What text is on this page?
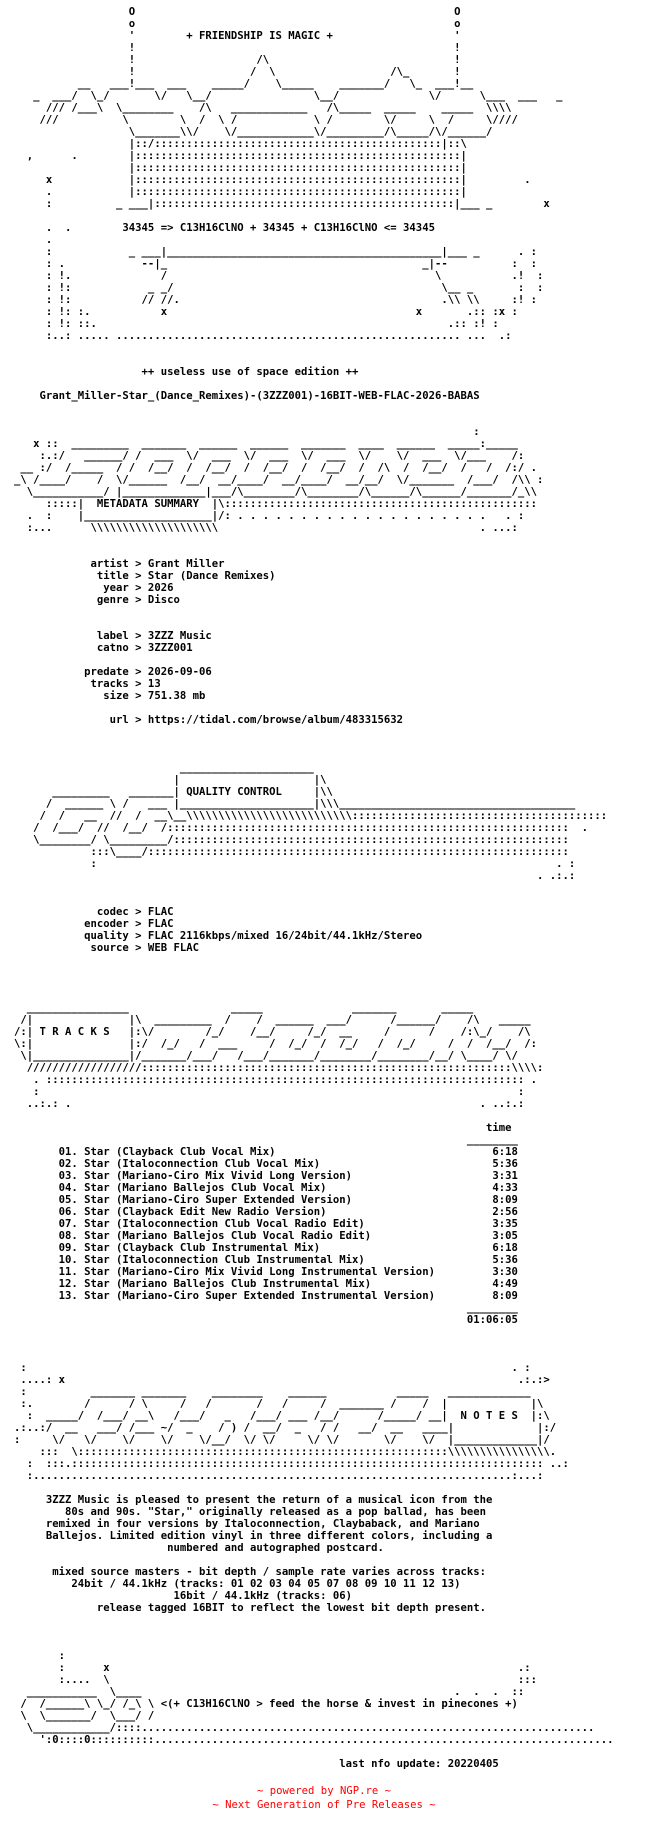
O                                                  O
o                                                  o
'        + FRIENDSHIP IS MAGIC +                   '
!                                                  !
!                   /\                             !
!                  /  \                  /\_       !
__   ___!___  ___    _____/    \_____    _______/   \_  ___!__
_  ___/  \_/       \/   \__/                \__/              \/      \___  ___   _
/// /___\  \________    /\   ____________   /\_____  _____    _____  \\\\
///          \        \  /  \ /            \ /        \/     \  /     \////
\_______\\/    \/____________\/_________/\_____/\/______/
|::/:::::::::::::::::::::::::::::::::::::::::::::|::\
,      .        |:::::::::::::::::::::::::::::::::::::::::::::::::::|
|:::::::::::::::::::::::::::::::::::::::::::::::::::|
x            |:::::::::::::::::::::::::::::::::::::::::::::::::::|         .
.            |:::::::::::::::::::::::::::::::::::::::::::::::::::|
:          _ ___|:::::::::::::::::::::::::::::::::::::::::::::::|___ _        x

.  .        34345 => C13H16ClNO + 34345 + C13H16ClNO <= 34345
.
:            _ ___|___________________________________________|___ _      . :
: .            --|_                                        _|--          :  :
: !.              /                                          \           .!  :
: !:            _ _/                                          \__ _       :  :
: !:           // //.                                         .\\ \\     :! :
: !: :.           x                                       x       .:: :x :
: !: ::.                                                       .:: :! :
:..: ..... ...................................................... ...  .:

++ useless use of space edition ++

Grant_Miller-Star_(Dance_Remixes)-(3ZZZ001)-16BIT-WEB-FLAC-2026-BABAS

:
x ::  _________  _______  ______  ______  _______  ____  ______  _____:_____
:.:/   ______/ /  ___  \/  ___  \/  ___  \/  ___  \/    \/  ___  \/___    /:
__ :/  /_____  / /  /__/  /  /__/  /  /__/  /  /__/  /  /\  /  /__/  /   /  /:/ .
_\ /____/    /  \/______  /__/  __/____/  __/____/  __/__/  \/_______  /___/  /\\ :
\___________/ |_____________|___/\________/\________/\______/\______/_______/_\\
:::::|  METADATA SUMMARY  |\:::::::::::::::::::::::::::::::::::::::::::::::::
.  :    |____________________|/: . . . . . . . . . . . . . . . . . . . .   . :
:...      \\\\\\\\\\\\\\\\\\\\                                         . ...:

artist > Grant Miller
title > Star (Dance Remixes)
year > 2026
genre > Disco

label > 3ZZZ Music
catno > 3ZZZ001

predate > 2026-09-06
tracks > 13
size > 751.38 mb

url > https://tidal.com/browse/album/483315632

_____________________
|                     |\
_________   _______| QUALITY CONTROL     |\\
/  ______ \ /   ___ |_____________________|\\\_____________________________________
/  /   __  //  /  __\__\\\\\\\\\\\\\\\\\\\\\\\\\\::::::::::::::::::::::::::::::::::::::::
/  /___/  //  /__/  /:::::::::::::::::::::::::::::::::::::::::::::::::::::::::::::::  .
\________/ \_________/::::::::::::::::::::::::::::::::::::::::::::::::::::::::::::::
:::\____/::::::::::::::::::::::::::::::::::::::::::::::::::::::::::::::::::
:                                                                        . :
. .:.:

codec > FLAC
encoder > FLAC
quality > FLAC 2116kbps/mixed 16/24bit/44.1kHz/Stereo
source > WEB FLAC

________________                _____              _______       _____
/|               |\  _________  /    /  ______  ___/      /______/    /\   _____
/:| T R A C K S   |:\/        /_/    /__/     /_/  __     /      /    /:\_/    /\
\:|               |:/  /_/   /  ___     /  /_/  /  /_/   /  /_/     /  /  /__/  /:
\|_______________|/_______/___/   /___/_______/________/________/__/ \____/ \/
//////////////////::::::::::::::::::::::::::::::::::::::::::::::::::::::::::\\\\:
. ::::::::::::::::::::::::::::::::::::::::::::::::::::::::::::::::::::::::::: .
:                                                                           :
..:.: .                                                                . ..:.:

time
________
01. Star (Clayback Club Vocal Mix)                                  6:18
02. Star (Italoconnection Club Vocal Mix)                           5:36
03. Star (Mariano-Ciro Mix Vivid Long Version)                      3:31
04. Star (Mariano Ballejos Club Vocal Mix)                          4:33
05. Star (Mariano-Ciro Super Extended Version)                      8:09
06. Star (Clayback Edit New Radio Version)                          2:56
07. Star (Italoconnection Club Vocal Radio Edit)                    3:35
08. Star (Mariano Ballejos Club Vocal Radio Edit)                   3:05
09. Star (Clayback Club Instrumental Mix)                           6:18
10. Star (Italoconnection Club Instrumental Mix)                    5:36
11. Star (Mariano-Ciro Mix Vivid Long Instrumental Version)         3:30
12. Star (Mariano Ballejos Club Instrumental Mix)                   4:49
13. Star (Mariano-Ciro Super Extended Instrumental Version)         8:09
________
01:06:05

:                                                                            . :
....: x                                                                       .:.:>
:          _______ _______    ________    ______           _____   _____________
:.        /      / \     /   /       /   /     /  _______ /    /  |             |\
:  _____/  /___/ __\   /___/   _   /___/ ___ /__/      /_____/ __|  N O T E S  |:\
.:..:/  __   ___/ /___ ~/  _    / ) /  __/  _   / /   __/  __   ____|             |:/
:     \/   \/    \/    \/    \/__/  \/ \/     \/ \/       \/    \/  |_____________|/
:::  \::::::::::::::::::::::::::::::::::::::::::::::::::::::::::\\\\\\\\\\\\\\\\.
:  :::.:::::::::::::::::::::::::::::::::::::::::::::::::::::::::::::::::::::::::: ..:
:...........................................................................:...:

3ZZZ Music is pleased to present the return of a musical icon from the
80s and 90s. "Star," originally released as a pop ballad, has been
remixed in four versions by Italoconnection, Claybaback, and Mariano
Ballejos. Limited edition vinyl in three different colors, including a
numbered and autographed postcard.

mixed source masters - bit depth / sample rate varies across tracks:
24bit / 44.1kHz (tracks: 01 02 03 04 05 07 08 09 10 11 12 13)
16bit / 44.1kHz (tracks: 06)
release tagged 16BIT to reflect the lowest bit depth present.

:
:      x                                                                .:
:....  \                                                                :::
___________  \____                                                 .  .  .  ::
/  /______\ \_/ /_\ \ <(+ C13H16ClNO > feed the horse & invest in pinecones +)
\  \_______/  \___/ /
\____________/::::.......................................................................
':0::::0::::::::::........................................................................

last nfo update: 20220405
~ powered by NGP.re ~
~ Next Generation of Pre Releases ~
